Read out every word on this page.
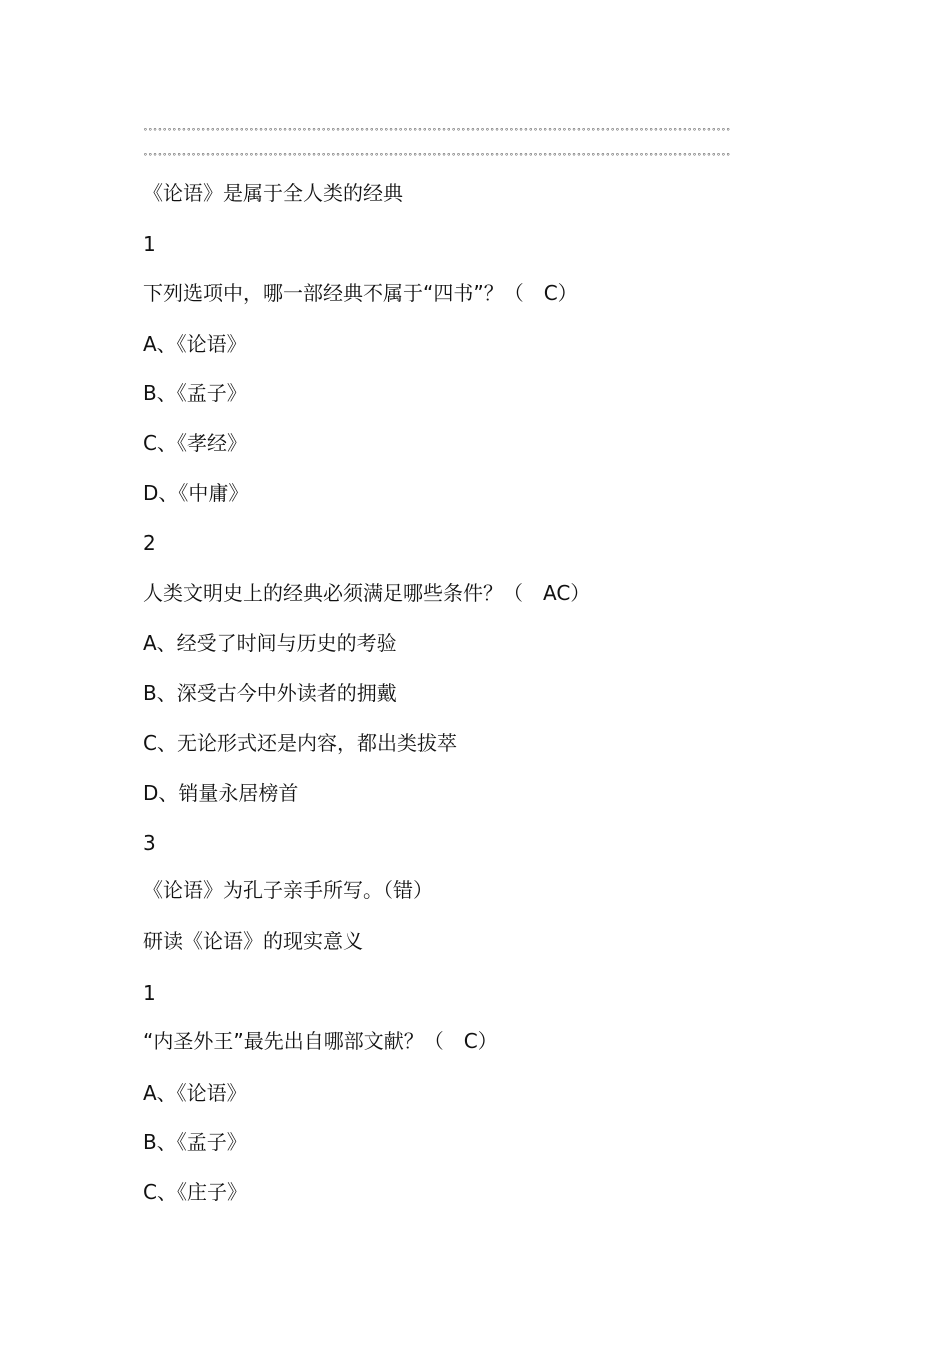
°°°°°°°°°°°°°°°°°°°°°°°°°°°°°°°°°°°°°°°°°°°°°°°°°°°°°°°°°°°°°°°°°°°°°°°°°°°°°°°°°°°°°°°°°°°°°°°°°°°°°°°°°°°°°°°°°°°°°°°°°°
°°°°°°°°°°°°°°°°°°°°°°°°°°°°°°°°°°°°°°°°°°°°°°°°°°°°°°°°°°°°°°°°°°°°°°°°°°°°°°°°°°°°°°°°°°°°°°°°°°°°°°°°°°°°°°°°°°°°°°°°°°
《论语》是属于全人类的经典
1
下列选项中，哪一部经典不属于“四书”？（　C）
A、《论语》
B、《孟子》
C、《孝经》
D、《中庸》
2
人类文明史上的经典必须满足哪些条件？（　AC）
A、经受了时间与历史的考验
B、深受古今中外读者的拥戴
C、无论形式还是内容，都出类拔萃
D、销量永居榜首
3
《论语》为孔子亲手所写。（错）
研读《论语》的现实意义
1
“内圣外王”最先出自哪部文献？（　C）
A、《论语》
B、《孟子》
C、《庄子》
